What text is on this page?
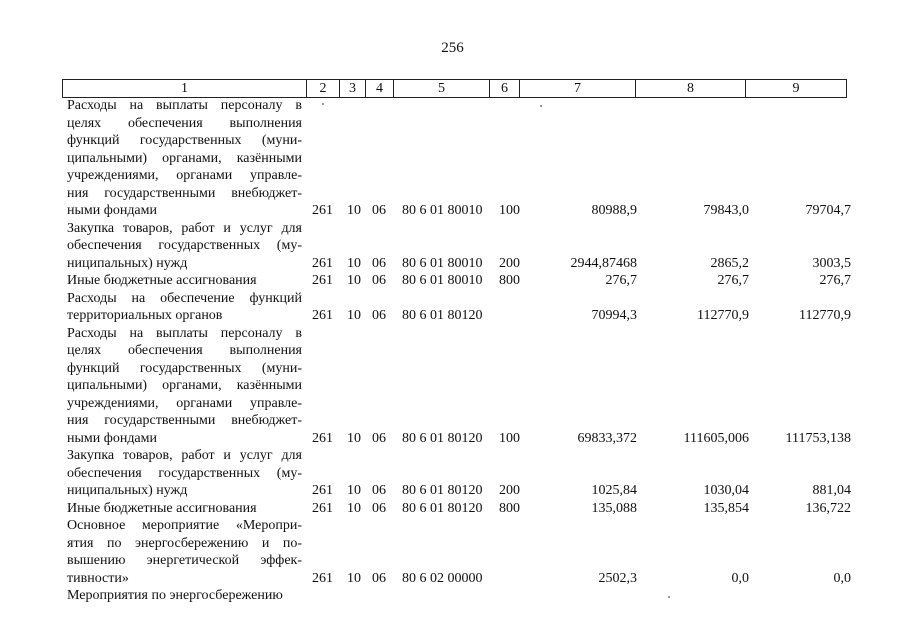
256
1	2	3	4	5	6	7	8	9
Расходы на выплаты персоналу в
целях обеспечения выполнения
функций государственных (муни-
ципальными) органами, казёнными
учреждениями, органами управле-
ния государственными внебюджет-
ными фондами	261 10 06 80 6 01 80010 100	80988,9	79843,0	79704,7
Закупка товаров, работ и услуг для
обеспечения государственных (му-
ниципальных) нужд	261 10 06 80 6 01 80010 200	2944,87468	2865,2	3003,5
Иные бюджетные ассигнования	261 10 06 80 6 01 80010 800	276,7	276,7	276,7
Расходы на обеспечение функций
территориальных органов	261 10 06 80 6 01 80120	70994,3	112770,9	112770,9
Расходы на выплаты персоналу в
целях обеспечения выполнения
функций государственных (муни-
ципальными) органами, казёнными
учреждениями, органами управле-
ния государственными внебюджет-
ными фондами	261 10 06 80 6 01 80120 100	69833,372	111605,006	111753,138
Закупка товаров, работ и услуг для
обеспечения государственных (му-
ниципальных) нужд	261 10 06 80 6 01 80120 200	1025,84	1030,04	881,04
Иные бюджетные ассигнования	261 10 06 80 6 01 80120 800	135,088	135,854	136,722
Основное мероприятие «Меропри-
ятия по энергосбережению и по-
вышению энергетической эффек-
тивности»	261 10 06 80 6 02 00000	2502,3	0,0	0,0
Мероприятия по энергосбережению
